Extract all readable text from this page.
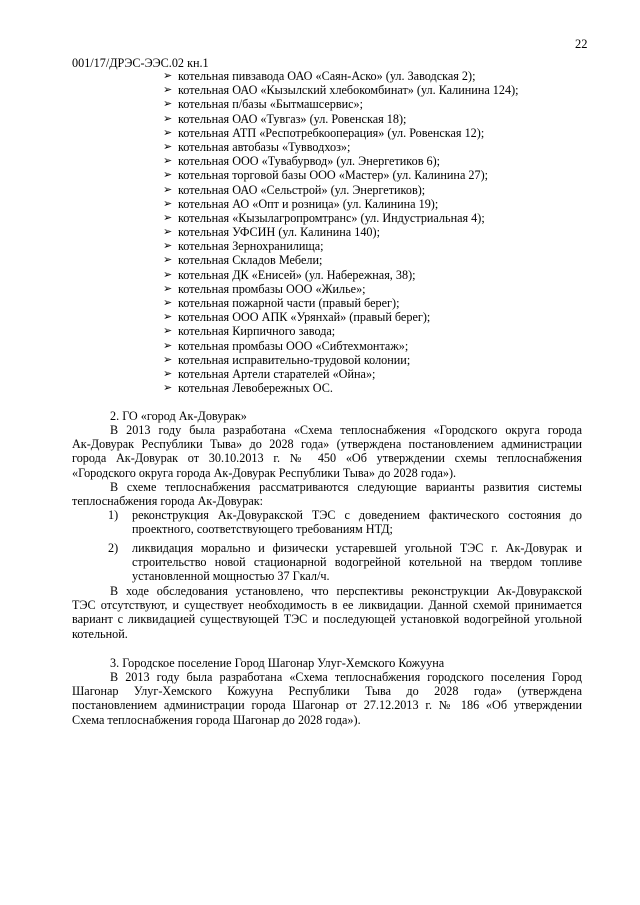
22
001/17/ДРЭС-ЭЭС.02 кн.1
➢ котельная пивзавода ОАО «Саян-Аско» (ул. Заводская 2);
➢ котельная ОАО «Кызылский хлебокомбинат» (ул. Калинина 124);
➢ котельная п/базы «Бытмашсервис»;
➢ котельная ОАО «Тувгаз» (ул. Ровенская 18);
➢ котельная АТП «Респотребкооперация» (ул. Ровенская 12);
➢ котельная автобазы «Тувводхоз»;
➢ котельная ООО «Тувабурвод» (ул. Энергетиков 6);
➢ котельная торговой базы ООО «Мастер» (ул. Калинина 27);
➢ котельная ОАО «Сельстрой» (ул. Энергетиков);
➢ котельная АО «Опт и розница» (ул. Калинина 19);
➢ котельная «Кызылагропромтранс» (ул. Индустриальная 4);
➢ котельная УФСИН (ул. Калинина 140);
➢ котельная Зернохранилища;
➢ котельная Складов Мебели;
➢ котельная ДК «Енисей» (ул. Набережная, 38);
➢ котельная промбазы ООО «Жилье»;
➢ котельная пожарной части (правый берег);
➢ котельная ООО АПК «Урянхай» (правый берег);
➢ котельная Кирпичного завода;
➢ котельная промбазы ООО «Сибтехмонтаж»;
➢ котельная исправительно-трудовой колонии;
➢ котельная Артели старателей «Ойна»;
➢ котельная Левобережных ОС.
2. ГО «город Ак-Довурак»
В 2013 году была разработана «Схема теплоснабжения «Городского округа города
Ак-Довурак Республики Тыва» до 2028 года» (утвержденa постановлением администрации
города Ак-Довурак от 30.10.2013 г. № 450 «Об утверждении схемы теплоснабжения
«Городского округа города Ак-Довурак Республики Тыва» до 2028 года»).
В схеме теплоснабжения рассматриваются следующие варианты развития системы
теплоснабжения города Ак-Довурак:
1) реконструкция Ак-Довуракской ТЭС с доведением фактического состояния до
проектного, соответствующего требованиям НТД;
2) ликвидация морально и физически устаревшей угольной ТЭС г. Ак-Довурак и
строительство новой стационарной водогрейной котельной на твердом топливе
установленной мощностью 37 Гкал/ч.
В ходе обследования установлено, что перспективы реконструкции Ак-Довуракской
ТЭС отсутствуют, и существует необходимость в ее ликвидации. Данной схемой принимается
вариант с ликвидацией существующей ТЭС и последующей установкой водогрейной угольной
котельной.
3. Городское поселение Город Шагонар Улуг-Хемского Кожууна
В 2013 году была разработана «Схема теплоснабжения городского поселения Город
Шагонар Улуг-Хемского Кожууна Республики Тыва до 2028 года» (утверждена
постановлением администрации города Шагонар от 27.12.2013 г. № 186 «Об утверждении
Схема теплоснабжения города Шагонар до 2028 года»).
